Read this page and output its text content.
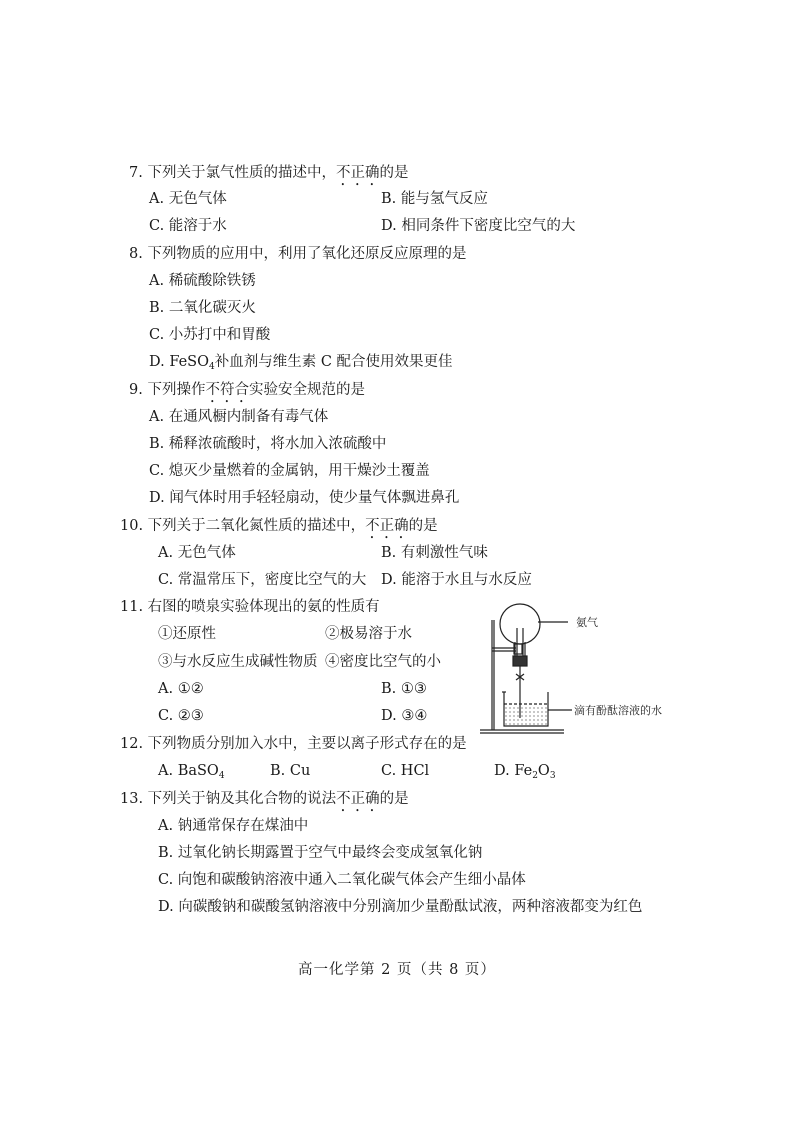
7. 下列关于氯气性质的描述中，不正确的是
A. 无色气体	B. 能与氢气反应
C. 能溶于水	D. 相同条件下密度比空气的大
8. 下列物质的应用中，利用了氧化还原反应原理的是
A. 稀硫酸除铁锈
B. 二氧化碳灭火
C. 小苏打中和胃酸
D. FeSO$_4$补血剂与维生素 C 配合使用效果更佳
9. 下列操作不符合实验安全规范的是
A. 在通风橱内制备有毒气体
B. 稀释浓硫酸时，将水加入浓硫酸中
C. 熄灭少量燃着的金属钠，用干燥沙土覆盖
D. 闻气体时用手轻轻扇动，使少量气体飘进鼻孔
10. 下列关于二氧化氮性质的描述中，不正确的是
A. 无色气体	B. 有刺激性气味
C. 常温常压下，密度比空气的大 D. 能溶于水且与水反应
11. 右图的喷泉实验体现出的氨的性质有
①还原性	②极易溶于水
③与水反应生成碱性物质 ④密度比空气的小
A. ①②	B. ①③
C. ②③	D. ③④
氨气
滴有酚酞溶液的水
12. 下列物质分别加入水中，主要以离子形式存在的是
A. BaSO$_4$	B. Cu	C. HCl	D. $Fe_2O_3$
13. 下列关于钠及其化合物的说法不正确的是
A. 钠通常保存在煤油中
B. 过氧化钠长期露置于空气中最终会变成氢氧化钠
C. 向饱和碳酸钠溶液中通入二氧化碳气体会产生细小晶体
D. 向碳酸钠和碳酸氢钠溶液中分别滴加少量酚酞试液，两种溶液都变为红色
高一化学第 2 页（共 8 页）
